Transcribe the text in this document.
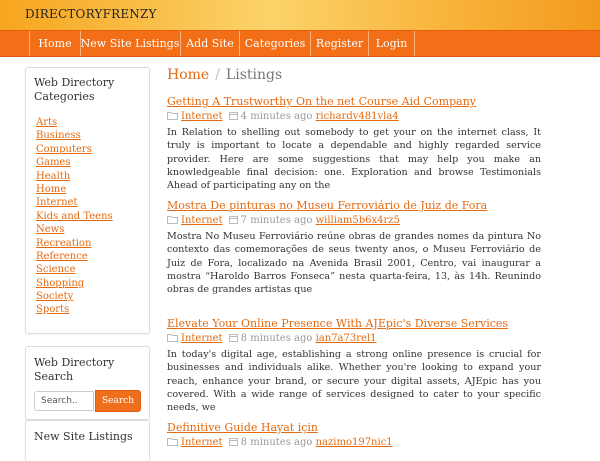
DIRECTORYFRENZY
Home New Site Listings Add Site	Categories Register	Login
Web Directory Categories
Arts
Business
Computers
Games
Health
Home
Internet
Kids and Teens
News
Recreation
Reference
Science
Shopping
Society
Sports
Web Directory Search
Search..	Search
New Site Listings
Home / Listings
Getting A Trustworthy On the net Course Aid Company
Internet 4 minutes ago richardv481vla4
In Relation to shelling out somebody to get your on the internet class, It truly is important to locate a dependable and highly regarded service provider. Here are some suggestions that may help you make an knowledgeable final decision: one. Exploration and browse Testimonials Ahead of participating any on the
Mostra De pinturas no Museu Ferroviário de Juiz de Fora
Internet 7 minutes ago william5b6x4rz5
Mostra No Museu Ferroviário reúne obras de grandes nomes da pintura No contexto das comemorações de seus twenty anos, o Museu Ferroviário de Juiz de Fora, localizado na Avenida Brasil 2001, Centro, vai inaugurar a mostra “Haroldo Barros Fonseca” nesta quarta-feira, 13, às 14h. Reunindo obras de grandes artistas que
Elevate Your Online Presence With AJEpic's Diverse Services
Internet 8 minutes ago ian7a73rel1
In today's digital age, establishing a strong online presence is crucial for businesses and individuals alike. Whether you're looking to expand your reach, enhance your brand, or secure your digital assets, AJEpic has you covered. With a wide range of services designed to cater to your specific needs, we
Definitive Guide Hayat için
Internet 8 minutes ago nazimo197nic1
